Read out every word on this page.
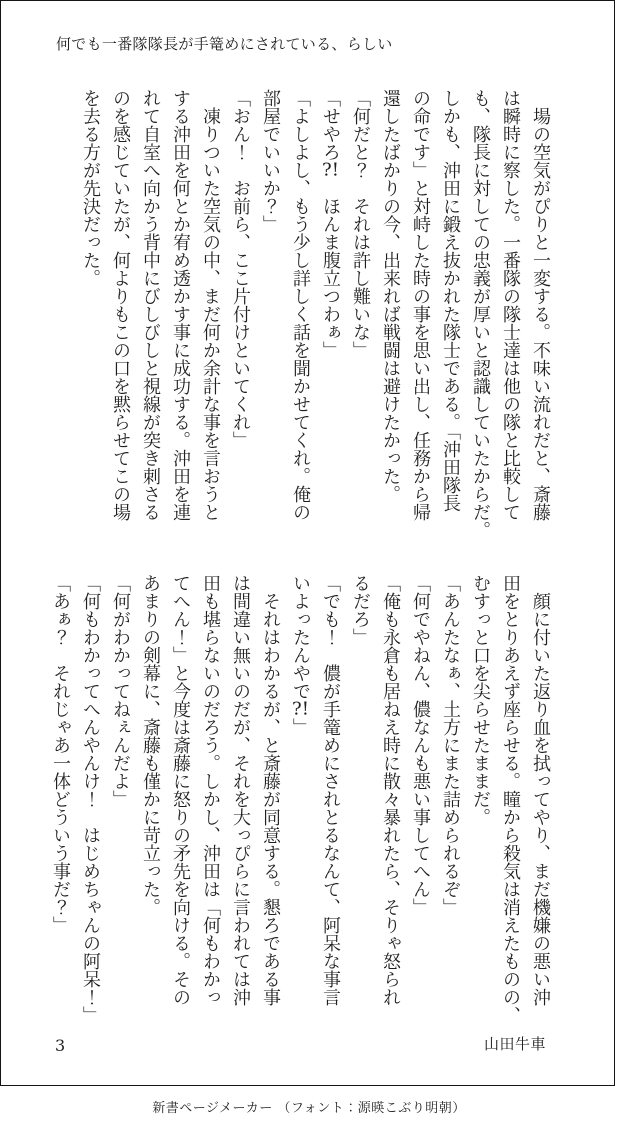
何でも一番隊隊長が手篭めにされている、らしい

　場の空気がぴりと一変する。不味い流れだと、斎藤

は瞬時に察した。一番隊の隊士達は他の隊と比較して

も、隊長に対しての忠義が厚いと認識していたからだ。

しかも、沖田に鍛え抜かれた隊士である。「沖田隊長

の命です」と対峙した時の事を思い出し、任務から帰

還したばかりの今、出来れば戦闘は避けたかった。

「何だと？　それは許し難いな」

「せやろ?!　ほんま腹立つわぁ」

「よしよし、もう少し詳しく話を聞かせてくれ。俺の

部屋でいいか？」

「おん！　お前ら、ここ片付けといてくれ」

　凍りついた空気の中、まだ何か余計な事を言おうと

する沖田を何とか宥め透かす事に成功する。沖田を連

れて自室へ向かう背中にびしびしと視線が突き刺さる

のを感じていたが、何よりもこの口を黙らせてこの場

を去る方が先決だった。

　顔に付いた返り血を拭ってやり、まだ機嫌の悪い沖

田をとりあえず座らせる。瞳から殺気は消えたものの、

むすっと口を尖らせたままだ。

「あんたなぁ、土方にまた詰められるぞ」

「何でやねん、儂なんも悪い事してへん」

「俺も永倉も居ねえ時に散々暴れたら、そりゃ怒られ

るだろ」

「でも！　儂が手篭めにされとるなんて、阿呆な事言

いよったんやで?!」

　それはわかるが、と斎藤が同意する。懇ろである事

は間違い無いのだが、それを大っぴらに言われては沖

田も堪らないのだろう。しかし、沖田は「何もわかっ

てへん！」と今度は斎藤に怒りの矛先を向ける。その

あまりの剣幕に、斎藤も僅かに苛立った。

「何がわかってねぇんだよ」

「何もわかってへんやんけ！　はじめちゃんの阿呆！」

「あぁ？　それじゃあ一体どういう事だ？」

3	山田牛車
新書ページメーカー （フォント：源暎こぶり明朝）
